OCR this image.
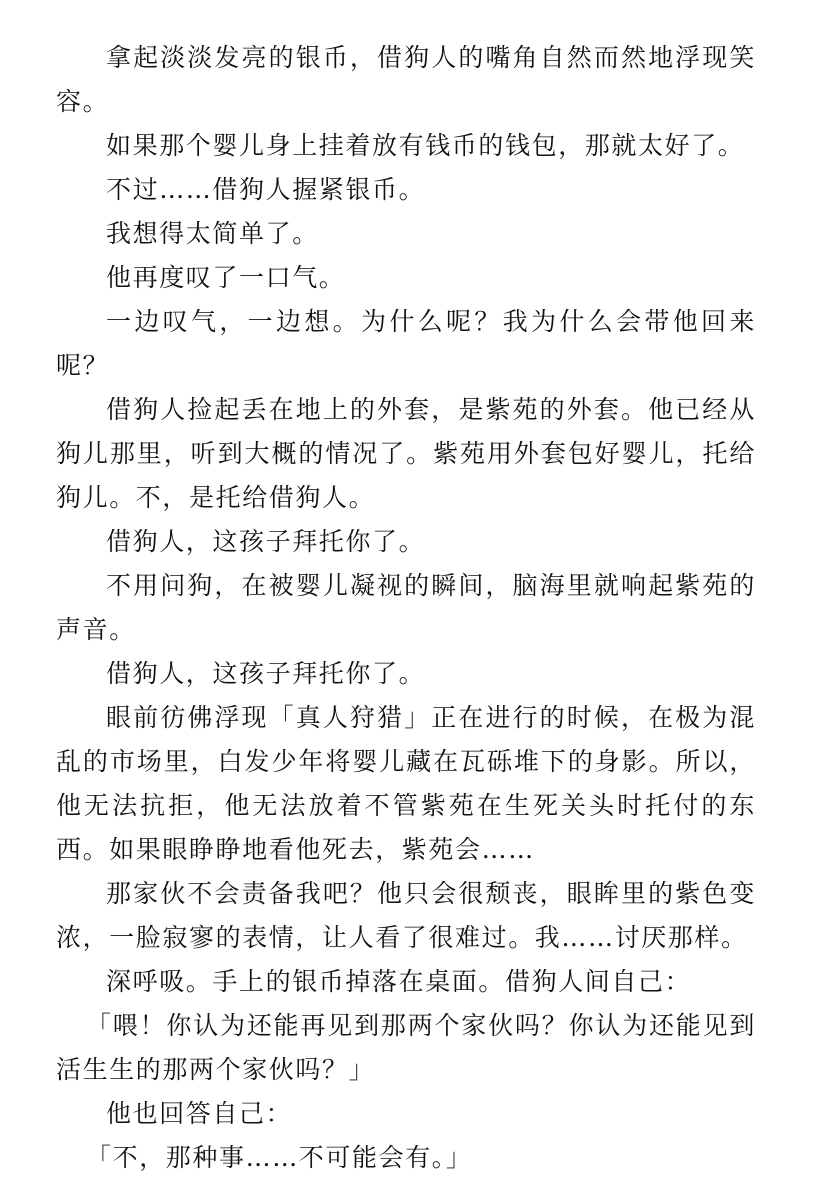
拿起淡淡发亮的银币，借狗人的嘴角自然而然地浮现笑容。

如果那个婴儿身上挂着放有钱币的钱包，那就太好了。

不过……借狗人握紧银币。

我想得太简单了。

他再度叹了一口气。

一边叹气，一边想。为什么呢？我为什么会带他回来呢？

借狗人捡起丢在地上的外套，是紫苑的外套。他已经从狗儿那里，听到大概的情况了。紫苑用外套包好婴儿，托给狗儿。不，是托给借狗人。

借狗人，这孩子拜托你了。

不用问狗，在被婴儿凝视的瞬间，脑海里就响起紫苑的声音。

借狗人，这孩子拜托你了。

眼前彷佛浮现「真人狩猎」正在进行的时候，在极为混乱的市场里，白发少年将婴儿藏在瓦砾堆下的身影。所以，他无法抗拒，他无法放着不管紫苑在生死关头时托付的东西。如果眼睁睁地看他死去，紫苑会……

那家伙不会责备我吧？他只会很颓丧，眼眸里的紫色变浓，一脸寂寥的表情，让人看了很难过。我……讨厌那样。

深呼吸。手上的银币掉落在桌面。借狗人间自己：

「喂！你认为还能再见到那两个家伙吗？你认为还能见到活生生的那两个家伙吗？」

他也回答自己：

「不，那种事……不可能会有。」
